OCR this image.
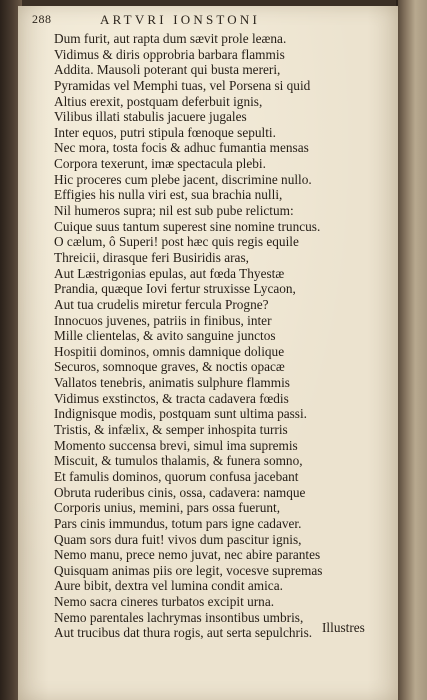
288	ARTVRI IONSTONI
Dum furit, aut rapta dum sævit prole leæna.
Vidimus & diris opprobria barbara flammis
Addita. Mausoli poterant qui busta mereri,
Pyramidas vel Memphi tuas, vel Porsena si quid
Altius erexit, postquam deferbuit ignis,
Vilibus illati stabulis jacuere jugales
Inter equos, putri stipula fœnoque sepulti.
Nec mora, tosta focis & adhuc fumantia mensas
Corpora texerunt, imæ spectacula plebi.
Hic proceres cum plebe jacent, discrimine nullo.
Effigies his nulla viri est, sua brachia nulli,
Nil humeros supra; nil est sub pube relictum:
Cuique suus tantum superest sine nomine truncus.
O cælum, ô Superi! post hæc quis regis equile
Threicii, dirasque feri Busiridis aras,
Aut Læstrigonias epulas, aut fœda Thyestæ
Prandia, quæque Iovi fertur struxisse Lycaon,
Aut tua crudelis miretur fercula Progne?
Innocuos juvenes, patriis in finibus, inter
Mille clientelas, & avito sanguine junctos
Hospitii dominos, omnis damnique dolique
Securos, somnoque graves, & noctis opacæ
Vallatos tenebris, animatis sulphure flammis
Vidimus exstinctos, & tracta cadavera fœdis
Indignisque modis, postquam sunt ultima passi.
Tristis, & infælix, & semper inhospita turris
Momento succensa brevi, simul ima supremis
Miscuit, & tumulos thalamis, & funera somno,
Et famulis dominos, quorum confusa jacebant
Obruta ruderibus cinis, ossa, cadavera: namque
Corporis unius, memini, pars ossa fuerunt,
Pars cinis immundus, totum pars igne cadaver.
Quam sors dura fuit! vivos dum pascitur ignis,
Nemo manu, prece nemo juvat, nec abire parantes
Quisquam animas piis ore legit, vocesve supremas
Aure bibit, dextra vel lumina condit amica.
Nemo sacra cineres turbatos excipit urna.
Nemo parentales lachrymas insontibus umbris,
Aut trucibus dat thura rogis, aut serta sepulchris. Illustres
